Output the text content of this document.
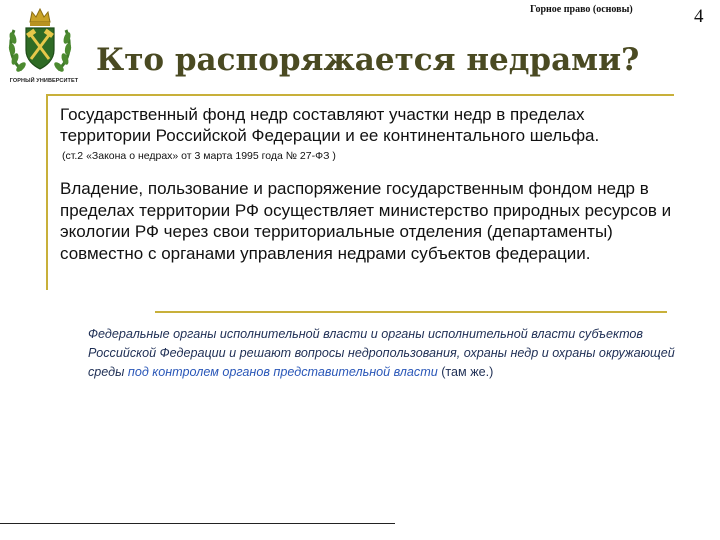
ГОРНЫЙ УНИВЕРСИТЕТ
Горное право (основы)	4
Кто распоряжается недрами?

Государственный фонд недр составляют участки недр в пределах территории Российской Федерации и ее континентального шельфа.

(ст.2 «Закона о недрах» от 3 марта 1995 года № 27-ФЗ )

Владение, пользование и распоряжение государственным фондом недр в пределах территории РФ осуществляет министерство природных ресурсов и экологии РФ через свои территориальные отделения (департаменты) совместно с органами управления недрами субъектов федерации.

Федеральные органы исполнительной власти и органы исполнительной власти субъектов Российской Федерации и решают вопросы недропользования, охраны недр и охраны окружающей среды под контролем органов представительной власти (там же.)
